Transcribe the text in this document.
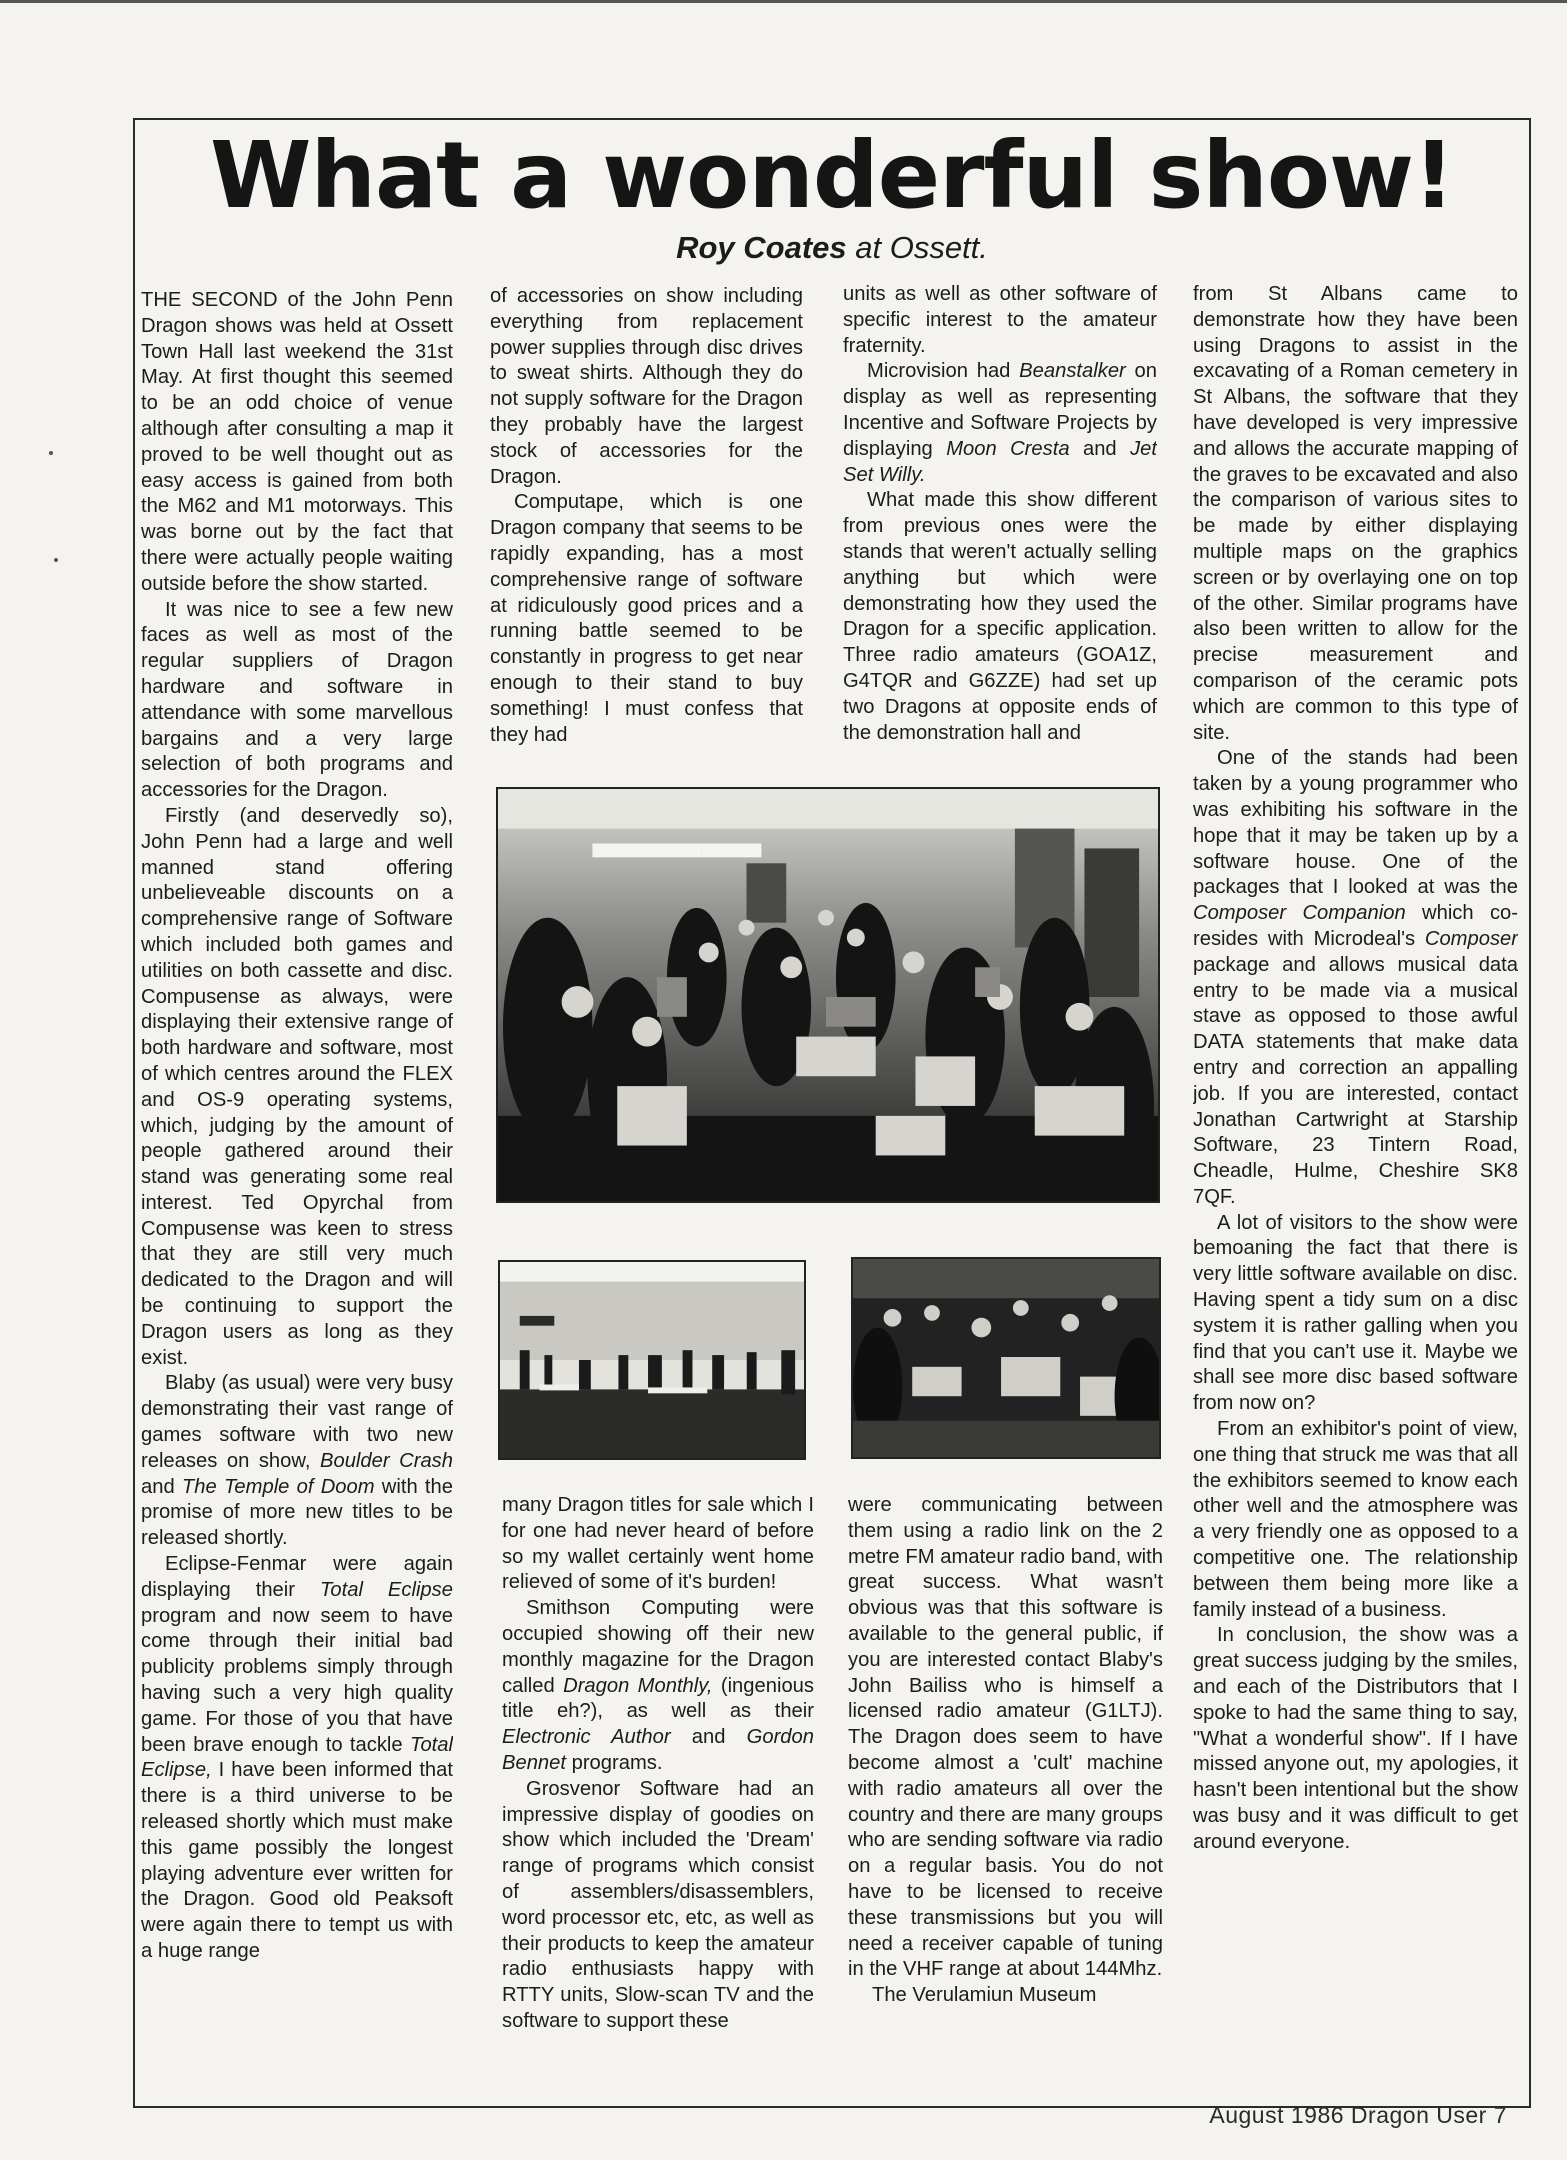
What a wonderful show!
Roy Coates at Ossett.

THE SECOND of the John Penn Dragon shows was held at Ossett Town Hall last weekend the 31st May. At first thought this seemed to be an odd choice of venue although after consulting a map it proved to be well thought out as easy access is gained from both the M62 and M1 motorways. This was borne out by the fact that there were actually people waiting outside before the show started.

It was nice to see a few new faces as well as most of the regular suppliers of Dragon hardware and software in attendance with some marvellous bargains and a very large selection of both programs and accessories for the Dragon.

Firstly (and deservedly so), John Penn had a large and well manned stand offering unbelieveable discounts on a comprehensive range of Software which included both games and utilities on both cassette and disc. Compusense as always, were displaying their extensive range of both hardware and software, most of which centres around the FLEX and OS-9 operating systems, which, judging by the amount of people gathered around their stand was generating some real interest. Ted Opyrchal from Compusense was keen to stress that they are still very much dedicated to the Dragon and will be continuing to support the Dragon users as long as they exist.

Blaby (as usual) were very busy demonstrating their vast range of games software with two new releases on show, Boulder Crash and The Temple of Doom with the promise of more new titles to be released shortly.

Eclipse-Fenmar were again displaying their Total Eclipse program and now seem to have come through their initial bad publicity problems simply through having such a very high quality game. For those of you that have been brave enough to tackle Total Eclipse, I have been informed that there is a third universe to be released shortly which must make this game possibly the longest playing adventure ever written for the Dragon. Good old Peaksoft were again there to tempt us with a huge range

of accessories on show including everything from replacement power supplies through disc drives to sweat shirts. Although they do not supply software for the Dragon they probably have the largest stock of accessories for the Dragon.

Computape, which is one Dragon company that seems to be rapidly expanding, has a most comprehensive range of software at ridiculously good prices and a running battle seemed to be constantly in progress to get near enough to their stand to buy something! I must confess that they had

units as well as other software of specific interest to the amateur fraternity.

Microvision had Beanstalker on display as well as representing Incentive and Software Projects by displaying Moon Cresta and Jet Set Willy.

What made this show different from previous ones were the stands that weren't actually selling anything but which were demonstrating how they used the Dragon for a specific application. Three radio amateurs (GOA1Z, G4TQR and G6ZZE) had set up two Dragons at opposite ends of the demonstration hall and

many Dragon titles for sale which I for one had never heard of before so my wallet certainly went home relieved of some of it's burden!

Smithson Computing were occupied showing off their new monthly magazine for the Dragon called Dragon Monthly, (ingenious title eh?), as well as their Electronic Author and Gordon Bennet programs.

Grosvenor Software had an impressive display of goodies on show which included the 'Dream' range of programs which consist of assemblers/disassemblers, word processor etc, etc, as well as their products to keep the amateur radio enthusiasts happy with RTTY units, Slow-scan TV and the software to support these

were communicating between them using a radio link on the 2 metre FM amateur radio band, with great success. What wasn't obvious was that this software is available to the general public, if you are interested contact Blaby's John Bailiss who is himself a licensed radio amateur (G1LTJ). The Dragon does seem to have become almost a 'cult' machine with radio amateurs all over the country and there are many groups who are sending software via radio on a regular basis. You do not have to be licensed to receive these transmissions but you will need a receiver capable of tuning in the VHF range at about 144Mhz.

The Verulamiun Museum

from St Albans came to demonstrate how they have been using Dragons to assist in the excavating of a Roman cemetery in St Albans, the software that they have developed is very impressive and allows the accurate mapping of the graves to be excavated and also the comparison of various sites to be made by either displaying multiple maps on the graphics screen or by overlaying one on top of the other. Similar programs have also been written to allow for the precise measurement and comparison of the ceramic pots which are common to this type of site.

One of the stands had been taken by a young programmer who was exhibiting his software in the hope that it may be taken up by a software house. One of the packages that I looked at was the Composer Companion which co-resides with Microdeal's Composer package and allows musical data entry to be made via a musical stave as opposed to those awful DATA statements that make data entry and correction an appalling job. If you are interested, contact Jonathan Cartwright at Starship Software, 23 Tintern Road, Cheadle, Hulme, Cheshire SK8 7QF.

A lot of visitors to the show were bemoaning the fact that there is very little software available on disc. Having spent a tidy sum on a disc system it is rather galling when you find that you can't use it. Maybe we shall see more disc based software from now on?

From an exhibitor's point of view, one thing that struck me was that all the exhibitors seemed to know each other well and the atmosphere was a very friendly one as opposed to a competitive one. The relationship between them being more like a family instead of a business.

In conclusion, the show was a great success judging by the smiles, and each of the Distributors that I spoke to had the same thing to say, "What a wonderful show". If I have missed anyone out, my apologies, it hasn't been intentional but the show was busy and it was difficult to get around everyone.

August 1986 Dragon User 7
